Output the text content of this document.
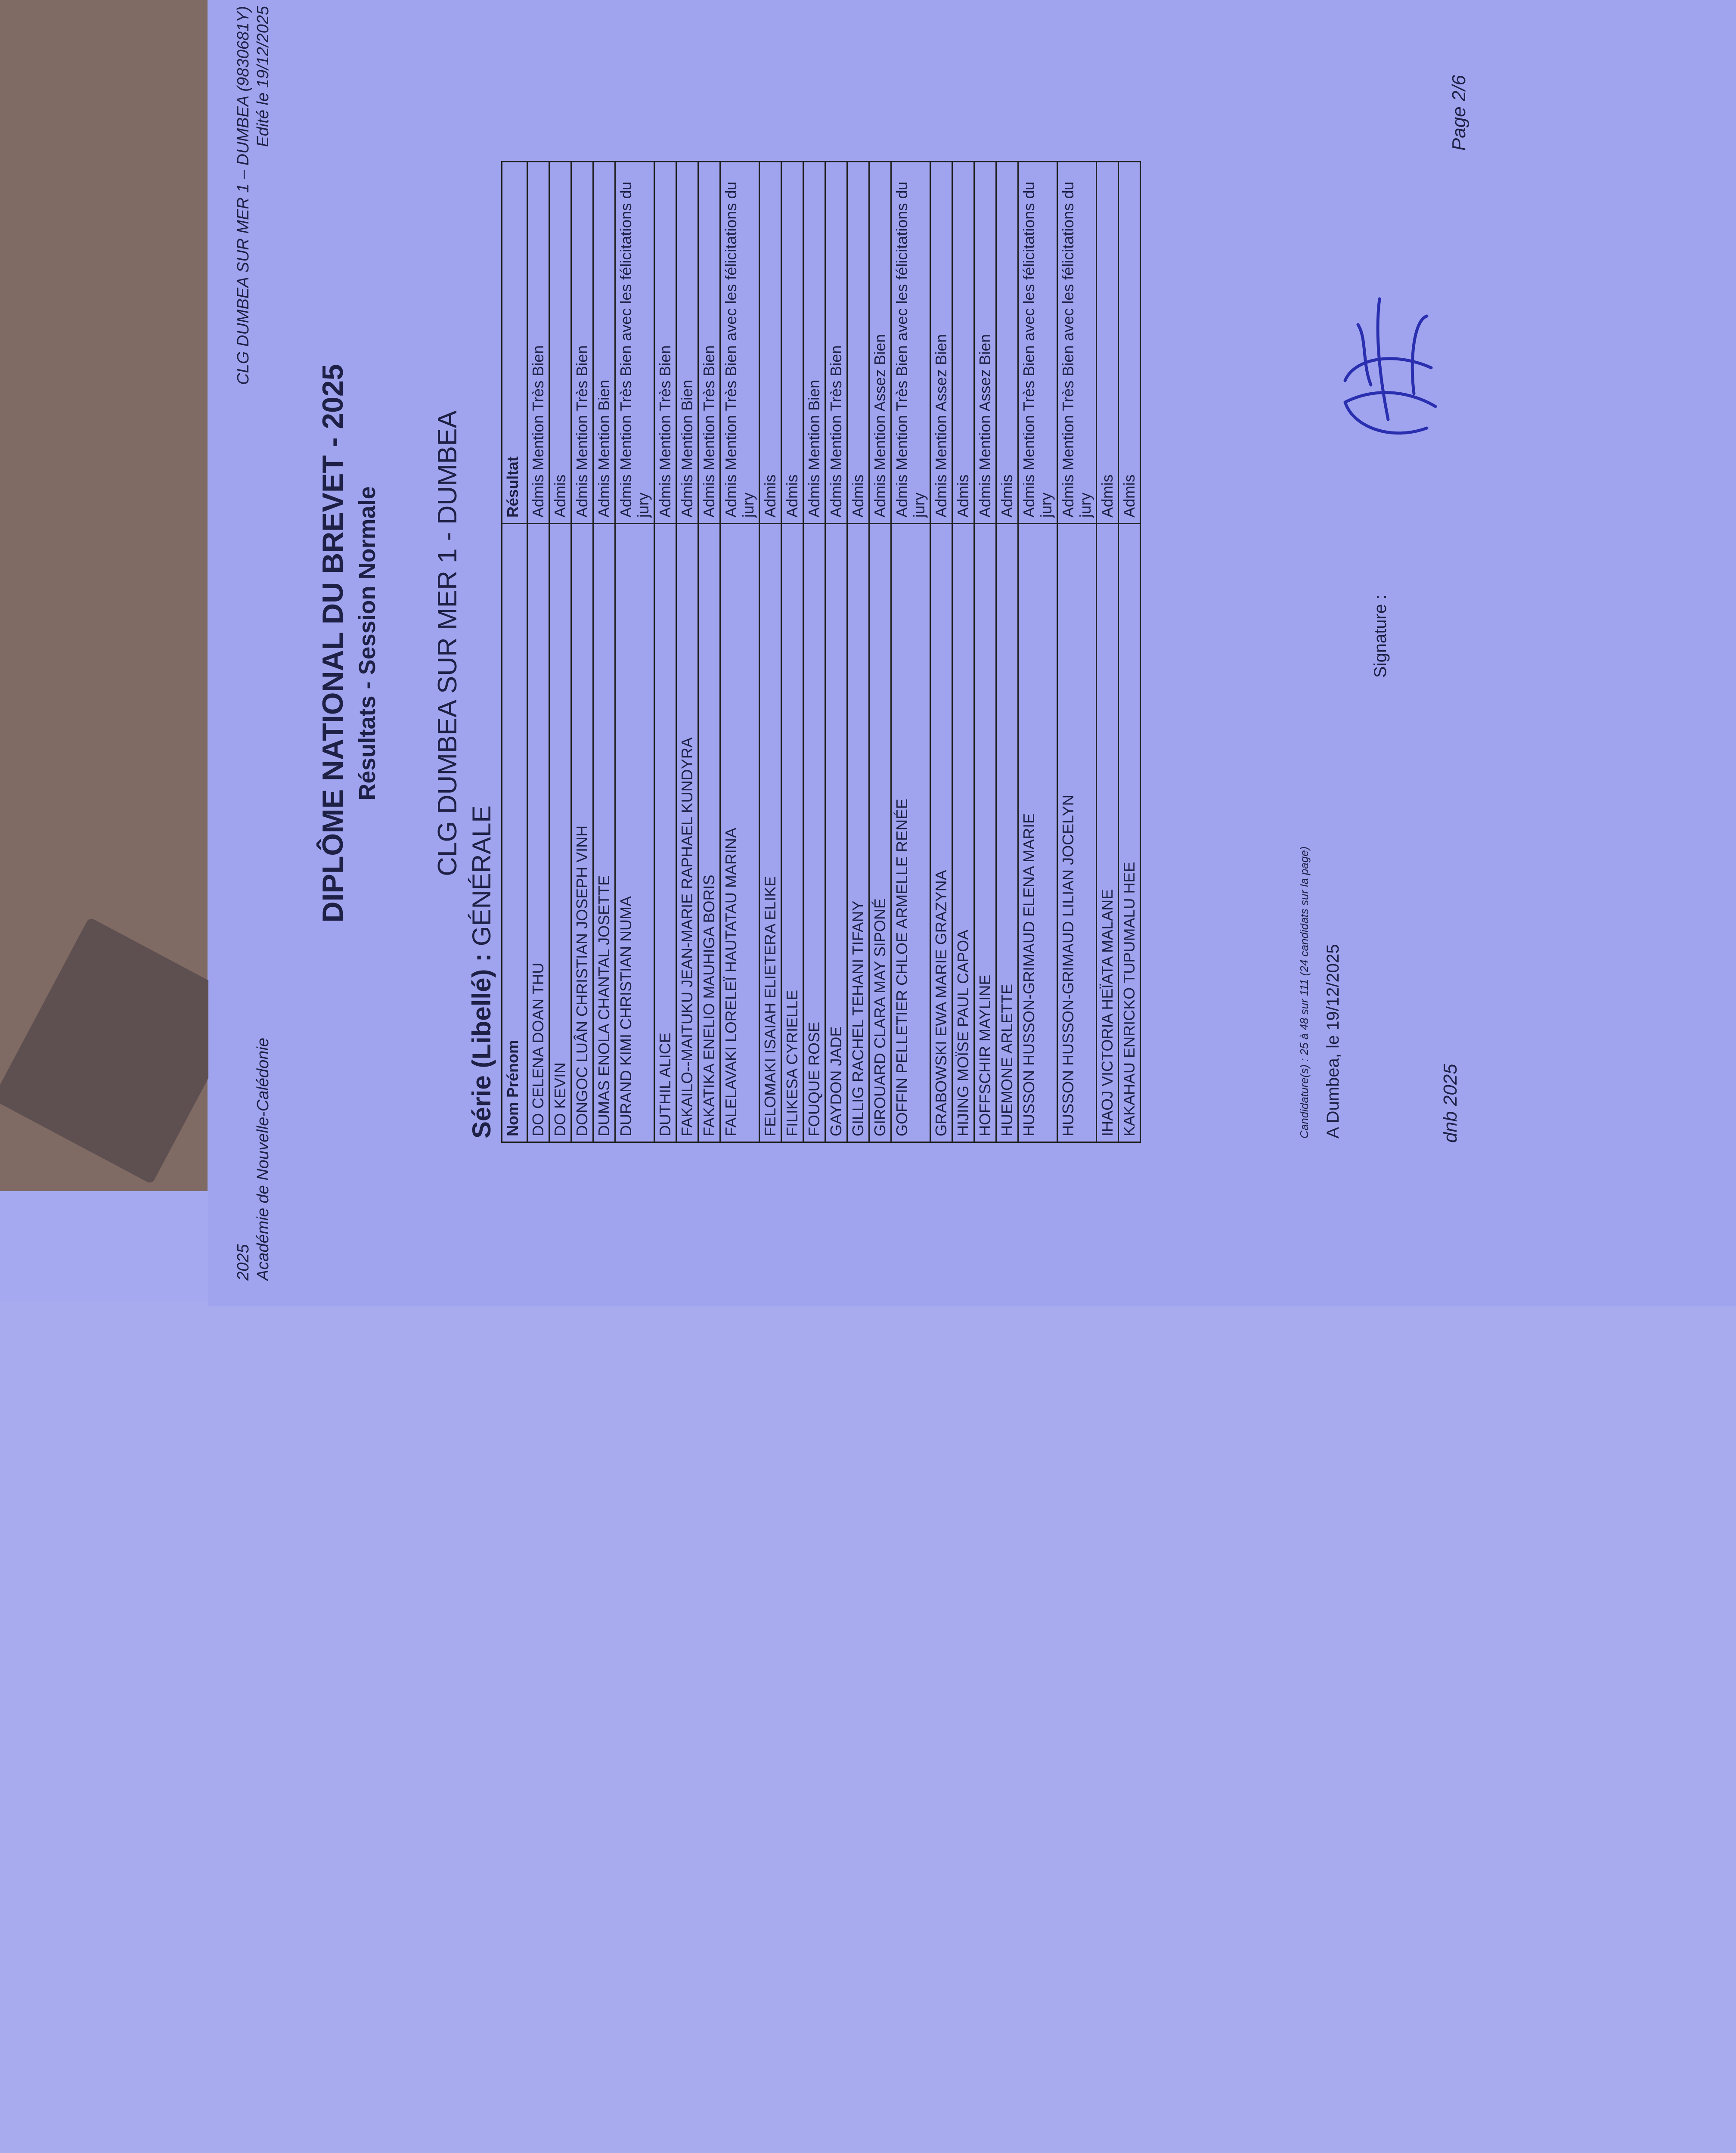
2025 Académie de Nouvelle-Calédonie
CLG DUMBEA SUR MER 1 – DUMBEA (9830681Y) Edité le 19/12/2025
DIPLÔME NATIONAL DU BREVET - 2025 Résultats - Session Normale CLG DUMBEA SUR MER 1 - DUMBEA
Série (Libellé) : GÉNÉRALE
Nom Prénom	Résultat
DO CELENA DOAN THU	Admis Mention Très Bien
DO KEVIN	Admis
DONGOC LUÂN CHRISTIAN JOSEPH VINH	Admis Mention Très Bien
DUMAS ENOLA CHANTAL JOSETTE	Admis Mention Bien
DURAND KIMI CHRISTIAN NUMA	Admis Mention Très Bien avec les félicitations du jury
DUTHIL ALICE	Admis Mention Très Bien
FAKAILO--MAITUKU JEAN-MARIE RAPHAEL KUNDYRA	Admis Mention Bien
FAKATIKA ENELIO MAUHIGA BORIS	Admis Mention Très Bien
FALELAVAKI LORELEÏ HAUTATAU MARINA	Admis Mention Très Bien avec les félicitations du jury
FELOMAKI ISAIAH ELIETERA ELIKE	Admis
FILIKESA CYRIELLE	Admis
FOUQUE ROSE	Admis Mention Bien
GAYDON JADE	Admis Mention Très Bien
GILLIG RACHEL TEHANI TIFANY	Admis
GIROUARD CLARA MAY SIPONÉ	Admis Mention Assez Bien
GOFFIN PELLETIER CHLOE ARMELLE RENÉE	Admis Mention Très Bien avec les félicitations du jury
GRABOWSKI EWA MARIE GRAZYNA	Admis Mention Assez Bien
HIJING MOÏSE PAUL CAPOA	Admis
HOFFSCHIR MAYLINE	Admis Mention Assez Bien
HUEMONE ARLETTE	Admis
HUSSON HUSSON-GRIMAUD ELENA MARIE	Admis Mention Très Bien avec les félicitations du jury
HUSSON HUSSON-GRIMAUD LILIAN JOCELYN	Admis Mention Très Bien avec les félicitations du jury
IHAOJ VICTORIA HEÏATA MALANE	Admis
KAKAHAU ENRICKO TUPUMALU HEE	Admis
Candidature(s) : 25 à 48 sur 111 (24 candidats sur la page) A Dumbea, le 19/12/2025
Signature :
dnb 2025
Page 2/6
